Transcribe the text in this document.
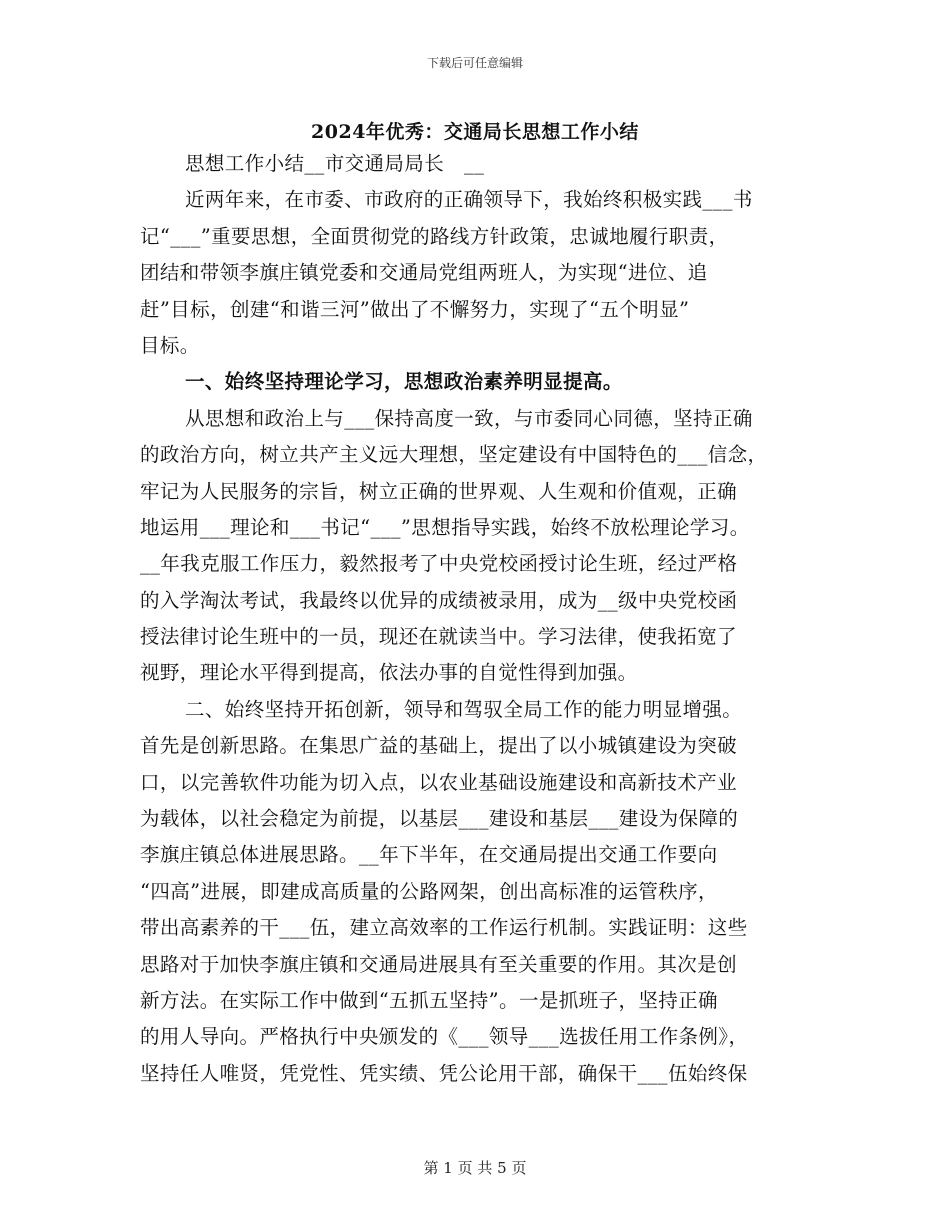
下载后可任意编辑
2024年优秀：交通局长思想工作小结
思想工作小结__市交通局局长　__
近两年来，在市委、市政府的正确领导下，我始终积极实践___书
记“___”重要思想，全面贯彻党的路线方针政策，忠诚地履行职责，
团结和带领李旗庄镇党委和交通局党组两班人，为实现“进位、追
赶”目标，创建“和谐三河”做出了不懈努力，实现了“五个明显”
目标。
一、始终坚持理论学习，思想政治素养明显提高。
从思想和政治上与___保持高度一致，与市委同心同德，坚持正确
的政治方向，树立共产主义远大理想，坚定建设有中国特色的___信念，
牢记为人民服务的宗旨，树立正确的世界观、人生观和价值观，正确
地运用___理论和___书记“___”思想指导实践，始终不放松理论学习。
__年我克服工作压力，毅然报考了中央党校函授讨论生班，经过严格
的入学淘汰考试，我最终以优异的成绩被录用，成为__级中央党校函
授法律讨论生班中的一员，现还在就读当中。学习法律，使我拓宽了
视野，理论水平得到提高，依法办事的自觉性得到加强。
二、始终坚持开拓创新，领导和驾驭全局工作的能力明显增强。
首先是创新思路。在集思广益的基础上，提出了以小城镇建设为突破
口，以完善软件功能为切入点，以农业基础设施建设和高新技术产业
为载体，以社会稳定为前提，以基层___建设和基层___建设为保障的
李旗庄镇总体进展思路。__年下半年，在交通局提出交通工作要向
“四高”进展，即建成高质量的公路网架，创出高标准的运管秩序，
带出高素养的干___伍，建立高效率的工作运行机制。实践证明：这些
思路对于加快李旗庄镇和交通局进展具有至关重要的作用。其次是创
新方法。在实际工作中做到“五抓五坚持”。一是抓班子，坚持正确
的用人导向。严格执行中央颁发的《___领导___选拔任用工作条例》，
坚持任人唯贤，凭党性、凭实绩、凭公论用干部，确保干___伍始终保
第 1 页 共 5 页
